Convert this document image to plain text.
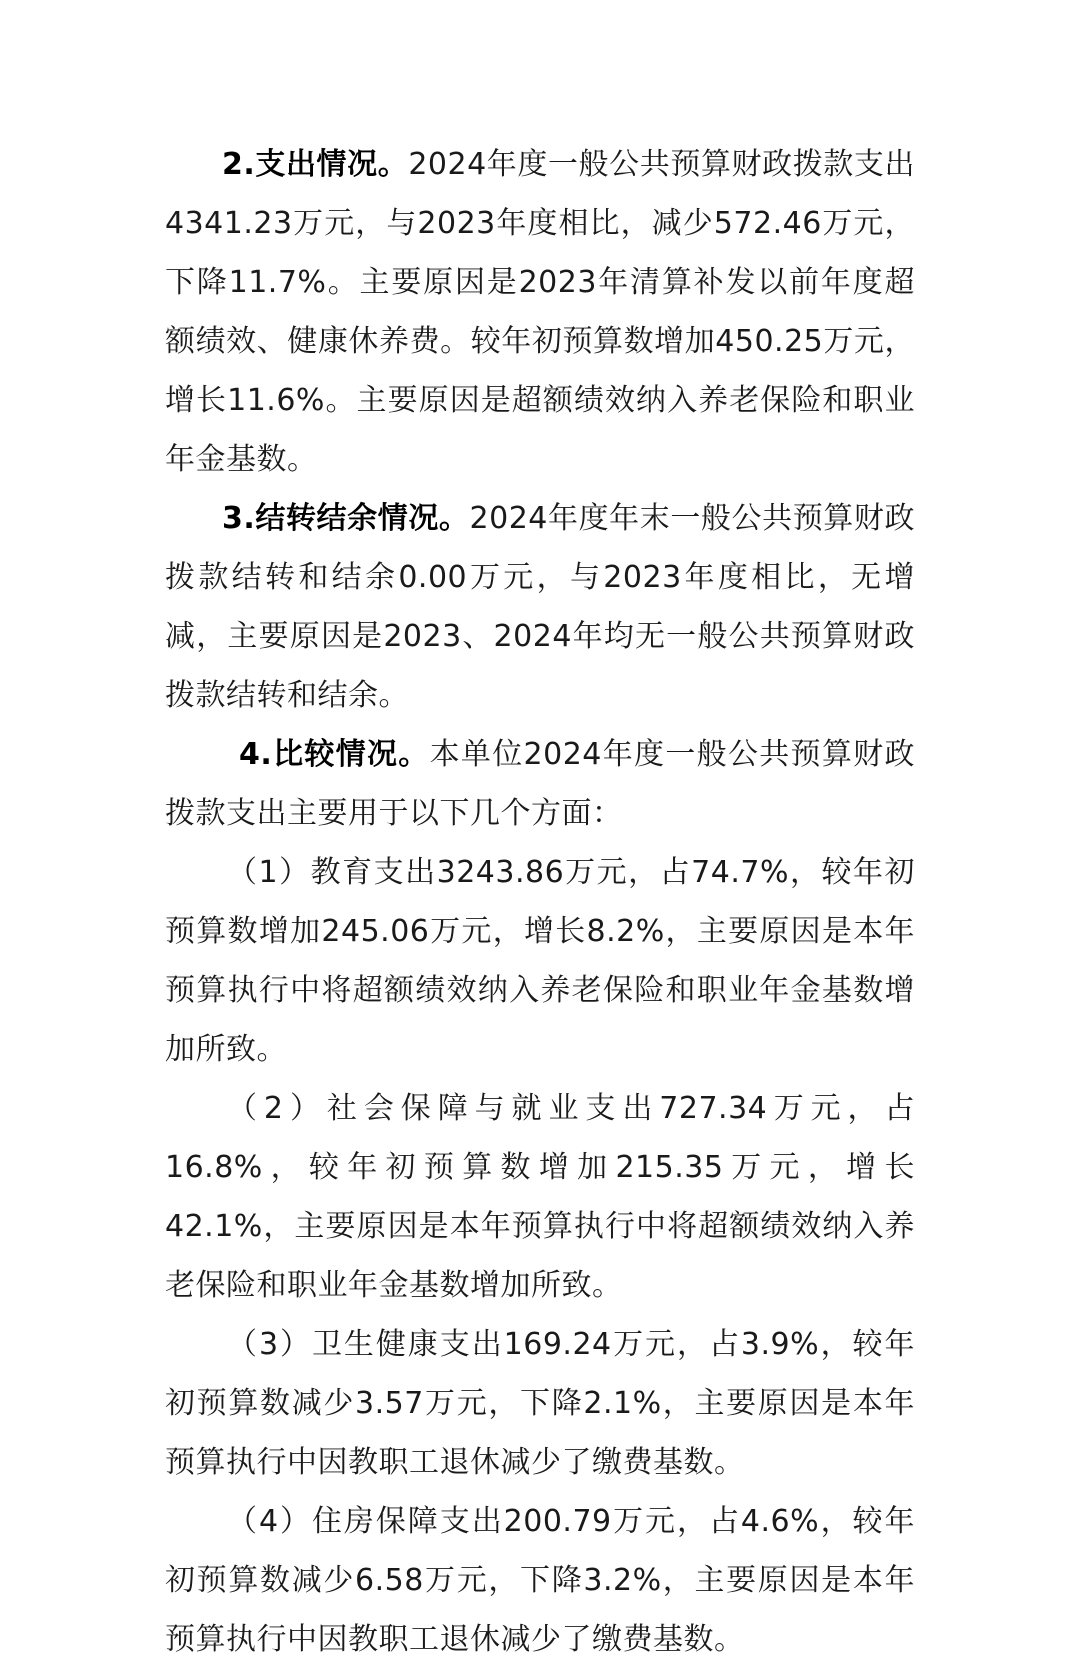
2.支出情况。2024年度一般公共预算财政拨款支出4341.23万元，与2023年度相比，减少572.46万元，下降11.7%。主要原因是2023年清算补发以前年度超额绩效、健康休养费。较年初预算数增加450.25万元，增长11.6%。主要原因是超额绩效纳入养老保险和职业年金基数。

3.结转结余情况。2024年度年末一般公共预算财政拨款结转和结余0.00万元，与2023年度相比，无增减，主要原因是2023、2024年均无一般公共预算财政拨款结转和结余。

4.比较情况。本单位2024年度一般公共预算财政拨款支出主要用于以下几个方面：

（1）教育支出3243.86万元，占74.7%，较年初预算数增加245.06万元，增长8.2%，主要原因是本年预算执行中将超额绩效纳入养老保险和职业年金基数增加所致。

（2）社会保障与就业支出727.34万元，占16.8%，较年初预算数增加215.35万元，增长42.1%，主要原因是本年预算执行中将超额绩效纳入养老保险和职业年金基数增加所致。

（3）卫生健康支出169.24万元，占3.9%，较年初预算数减少3.57万元，下降2.1%，主要原因是本年预算执行中因教职工退休减少了缴费基数。

（4）住房保障支出200.79万元，占4.6%，较年初预算数减少6.58万元，下降3.2%，主要原因是本年预算执行中因教职工退休减少了缴费基数。
